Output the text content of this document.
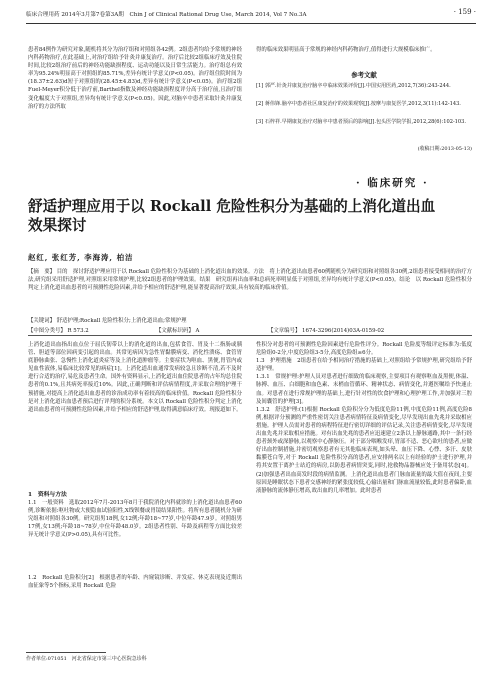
临床合理用药 2014年3月第7卷第3A期　Chin J of Clinical Rational Drug Use, March 2014, Vol 7 No.3A	· 159 ·

患者84例作为研究对象,随机将其分为治疗组和对照组各42例。2组患者均给予常规的神经内科药物治疗,在此基础上,对治疗组给予针灸并康复治疗。治疗后比较2组临床疗效及住院时间,比较2组治疗前后的神经功能缺损程度、运动功能以及日常生活能力。治疗组总有效率为95.24%明显高于对照组的85.71%,差异有统计学意义(P<0.05)。治疗组住院时间为(18.37±2.63)d短于对照组的(28.45±4.83)d,差异有统计学意义(P<0.05)。治疗组2组Fuel-Meyer积分低于治疗前,Barthel指数及神经功能缺损程度评分高于治疗前,且治疗组变化幅度大于对照组,差异均有统计学意义(P<0.05)。因此,对脑卒中患者采取针灸并康复治疗的方法所取

得的临床效果明显高于常规的神经内科药物治疗,值得进行大规模临床推广。

参考文献

[1] 郭严.针灸并康复治疗脑卒中临床效果评价[J].中国实用医药,2012,7(36):243-244.

[2] 蒋伟锋.脑卒中患者社区康复治疗的效果观察[J].按摩与康复医学,2012,3(11):142-143.

[3] 石梓祥.早期康复治疗对脑卒中患者预后的影响[J].包头医学院学报,2012,28(6):102-103.

(收稿日期:2013-05-13)
· 临床研究 ·
舒适护理应用于以 Rockall 危险性积分为基础的上消化道出血
效果探讨
赵红, 张红芳, 李海涛, 柏洁

【摘　要】 目的　探讨舒适护理应用于以 Rockall 危险性积分为基础的上消化道出血的效果。方法　将上消化道出血患者60例随机分为研究组和对照组各30例,2组患者接受相同的治疗方法,研究组采用舒适护理,对照组采用常规护理,比较2组患者的护理效果。结果　研究组再出血率和总病死率明显低于对照组,差异均有统计学意义(P<0.05)。结论　以 Rockall 危险性积分判定上消化道出血患者的可预测性危险因素,并给予相应的舒适护理,能显著提高治疗效果,具有较高的临床价值。

【关键词】 舒适护理;Rockall 危险性积分;上消化道出血;常规护理

【中图分类号】 R 573.2	【文献标识码】 A	【文章编号】 1674-3296(2014)03A-0159-02

上消化道出血指出血点位于屈氏韧带以上的消化道的出血,包括食管、胃及十二指肠或胰管、胆道等部位因病变引起的出血。其常见病因为急性胃黏膜病变、消化性溃疡、食管胃底静脉曲张、急慢性上消化道炎症等及上消化道肿瘤等。主要症状为呕血、黑便,胃管内或见血性液体,易临床比较常见的病症[1]。上消化道出血通常发病较急且诊断不清,若不及时进行合适的治疗,易危及患者生命。国外有资料显示,上消化道出血住院患者的占年均总住院患者的0.1%,且其病死率接近10%。因此,正确判断和评估病情程度,并采取合理的护理干预措施,对提高上消化道出血患者的诊治成功率有着较高的临床价值。Rockall 危险性积分是对上消化道出血患者预后进行评判的积分系统。本文以 Rockall 危险性积分判定上消化道出血患者的可预测性危险因素,并给予相应的舒适护理,取得满意临床疗效。现报道如下。

1　资料与方法

1.1　一般资料　选取2012年7月-2013年8月于我院消化内科就诊的上消化道出血患者60例,诊断依据:呕吐物或大便隐血试验阳性,X线钡餐或胃镜结果阳性。将所有患者随机分为研究组和对照组各30例。研究组男18例,女12例;年龄18~77岁,中位年龄47.9岁。对照组男17例,女13例;年龄18~78岁,中位年龄48.0岁。2组患者性别、年龄及病程等方面比较差异无统计学意义(P>0.05),具有可比性。

1.2　Rockall 危险积分[2]　根据患者的年龄、内窥镜诊断、并发症、休克表现及近期出血征象等5个指标,采用 Rockall 危险

性积分对患者的可预测性危险因素进行危险性评分。Rockall 危险度等级评定标准为:低度危险组0-2分,中度危险组3-5分,高度危险组≥6分。
1.3　护理措施　2组患者在给予相同治疗措施的基础上,对照组给予常规护理,研究组给予舒适护理。
1.3.1　常规护理:护理人员对患者进行细致的临床观察,主要项目有观察呕血及黑便,体温、脉搏、血压、白细胞和血色素、末梢血管循环、精神状态、病情变化,并遵医嘱给予快速止血。对患者在进行常规护理的基础上,进行针对性的饮食护理和心理护理工作,并加强对三腔及间囊管的护理[3]。
1.3.2　舒适护理:(1)根据 Rockall 危险积分分为低度危险11例,中度危险11例,高度危险8例,根据评分预测的严重性密切关注患者病情特征及病情变化,尽早发现出血先兆并采取相应措施。护理人员需对患者的病程特征进行密切详细的评估记录,关注患者病情变化,尽早发现出血先兆并采取相应措施。对有出血先兆的患者应迅速建立2条以上静脉通路,其中一条行经患者颈外或深静脉,以观察中心静脉压。对于部分咽喉发痒,胃部不适、恶心欲吐的患者,应做好出血控制措施,并密切观察患者有无其他临床表现,如头晕、血压下降、心悸、多汗、皮肤黏膜苍白等,对于 Rockall 危险性积分高的患者,应安排两名以上有经验的护士进行护理,并将其安置于离护士站近的病房,以防患者病情突变,同时,抢救物品器械应处于备用状态[4]。(2)加强患者出血高发时段的病情监测。上消化道出血患者门脉血流量的最大值在夜间,主要原因是睡眠状态下患者交感神经的紧张度较低,心输出量和门脉血流量较低,此时患者偏卧,血液静脉的流体静压增高,故出血的几率增加。此时患者

作者单位:071051　河北省保定市第三中心医院急诊科
